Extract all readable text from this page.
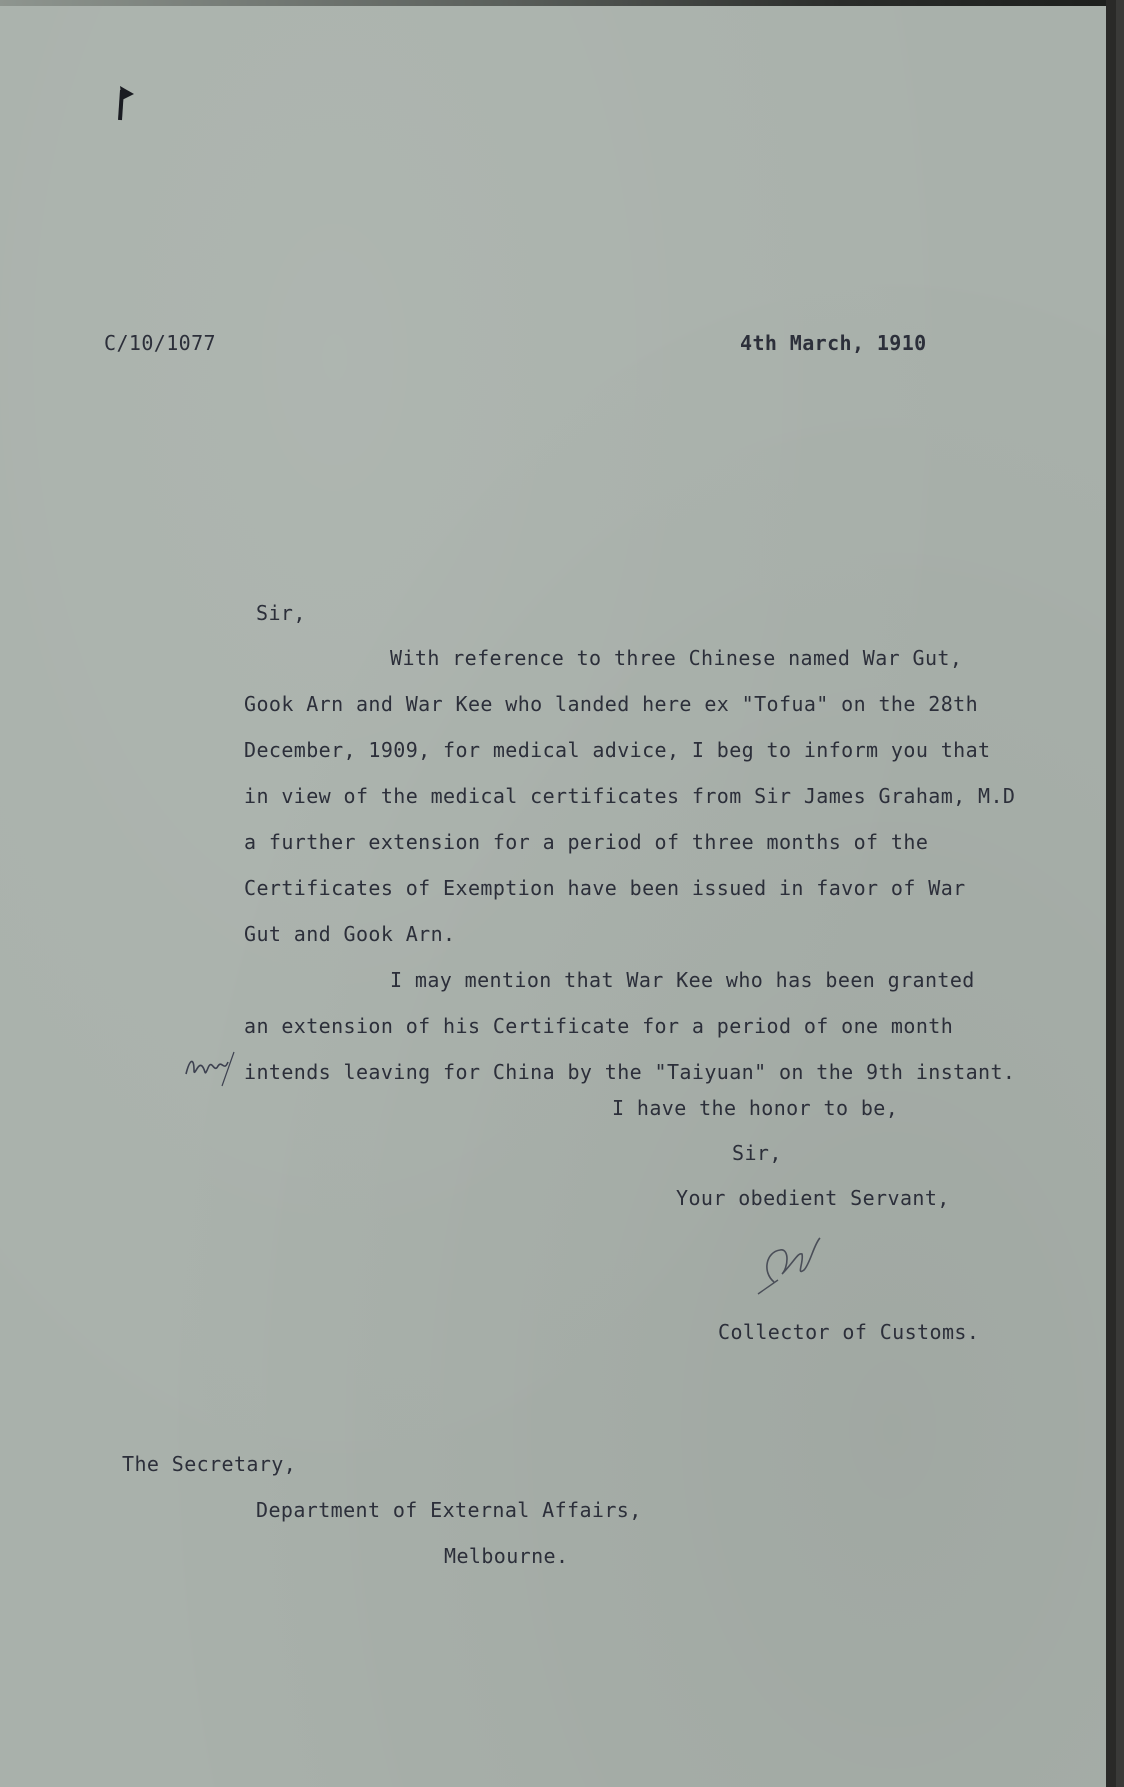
C/10/1077	4th March, 1910
Sir,
With reference to three Chinese named War Gut,
Gook Arn and War Kee who landed here ex "Tofua" on the 28th
December, 1909, for medical advice, I beg to inform you that
in view of the medical certificates from Sir James Graham, M.D
a further extension for a period of three months of the
Certificates of Exemption have been issued in favor of War
Gut and Gook Arn.
I may mention that War Kee who has been granted
an extension of his Certificate for a period of one month
intends leaving for China by the "Taiyuan" on the 9th instant.
I have the honor to be,
Sir,
Your obedient Servant,
Collector of Customs.
The Secretary,
Department of External Affairs,
Melbourne.
